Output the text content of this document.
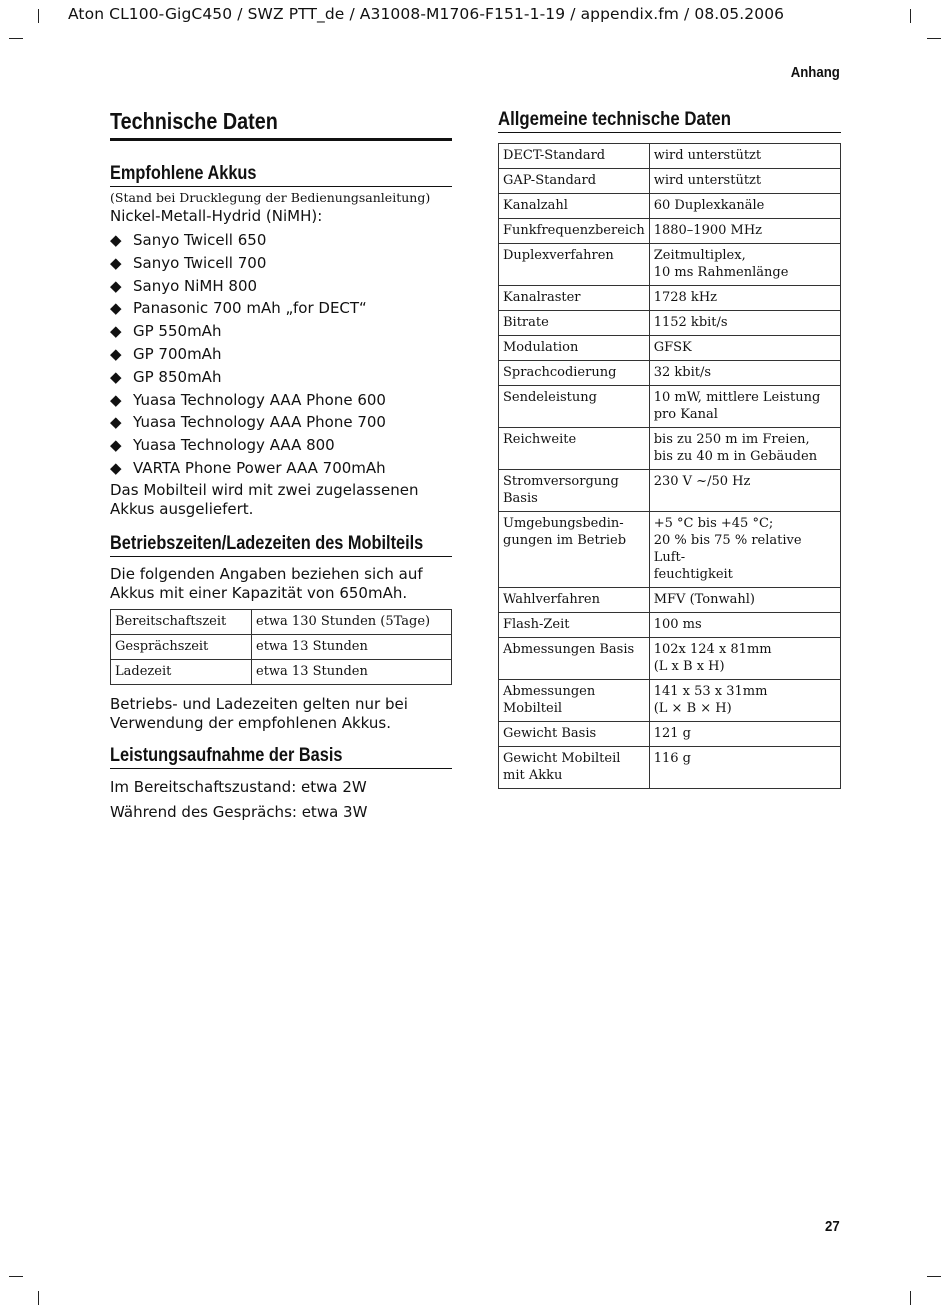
Aton CL100-GigC450 / SWZ PTT_de / A31008-M1706-F151-1-19 / appendix.fm / 08.05.2006
Anhang
Technische Daten
Empfohlene Akkus
(Stand bei Drucklegung der Bedienungsanleitung)
Nickel-Metall-Hydrid (NiMH):
◆ Sanyo Twicell 650
◆ Sanyo Twicell 700
◆ Sanyo NiMH 800
◆ Panasonic 700 mAh „for DECT“
◆ GP 550mAh
◆ GP 700mAh
◆ GP 850mAh
◆ Yuasa Technology AAA Phone 600
◆ Yuasa Technology AAA Phone 700
◆ Yuasa Technology AAA 800
◆ VARTA Phone Power AAA 700mAh
Das Mobilteil wird mit zwei zugelassenen Akkus ausgeliefert.
Betriebszeiten/Ladezeiten des Mobilteils
Die folgenden Angaben beziehen sich auf Akkus mit einer Kapazität von 650mAh.
Bereitschaftszeit	etwa 130 Stunden (5Tage)
Gesprächszeit	etwa 13 Stunden
Ladezeit	etwa 13 Stunden
Betriebs- und Ladezeiten gelten nur bei Verwendung der empfohlenen Akkus.
Leistungsaufnahme der Basis
Im Bereitschaftszustand: etwa 2W
Während des Gesprächs: etwa 3W
Allgemeine technische Daten
DECT-Standard	wird unterstützt
GAP-Standard	wird unterstützt
Kanalzahl	60 Duplexkanäle
Funkfrequenzbereich	1880–1900 MHz
Duplexverfahren	Zeitmultiplex,
10 ms Rahmenlänge
Kanalraster	1728 kHz
Bitrate	1152 kbit/s
Modulation	GFSK
Sprachcodierung	32 kbit/s
Sendeleistung	10 mW, mittlere Leistung pro Kanal
Reichweite	bis zu 250 m im Freien,
bis zu 40 m in Gebäuden
Stromversorgung Basis	230 V ~/50 Hz
Umgebungsbedin-
gungen im Betrieb	+5 °C bis +45 °C;
20 % bis 75 % relative Luft-
feuchtigkeit
Wahlverfahren	MFV (Tonwahl)
Flash-Zeit	100 ms
Abmessungen Basis	102x 124 x 81mm
(L x B x H)
Abmessungen
Mobilteil	141 x 53 x 31mm
(L × B × H)
Gewicht Basis	121 g
Gewicht Mobilteil mit Akku	116 g
27
